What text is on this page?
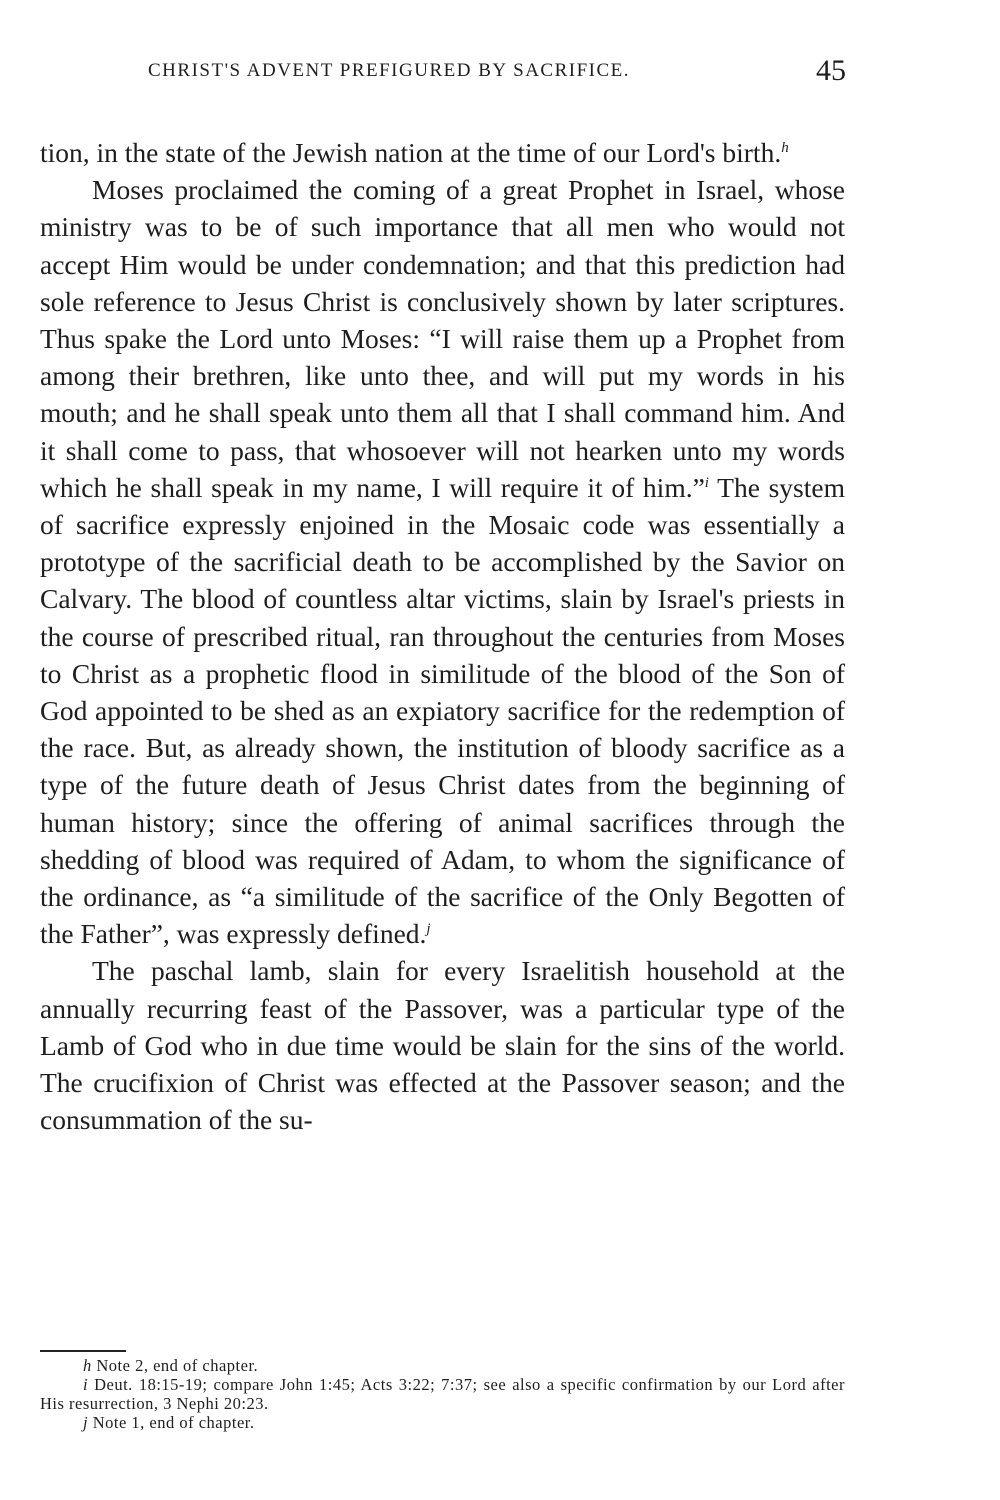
CHRIST'S ADVENT PREFIGURED BY SACRIFICE.	45

tion, in the state of the Jewish nation at the time of our Lord's birth.$^h$

Moses proclaimed the coming of a great Prophet in Israel, whose ministry was to be of such importance that all men who would not accept Him would be under condemnation; and that this prediction had sole reference to Jesus Christ is conclusively shown by later scriptures. Thus spake the Lord unto Moses: “I will raise them up a Prophet from among their brethren, like unto thee, and will put my words in his mouth; and he shall speak unto them all that I shall command him. And it shall come to pass, that whosoever will not hearken unto my words which he shall speak in my name, I will require it of him.”$^i$ The system of sacrifice expressly enjoined in the Mosaic code was essentially a prototype of the sacrificial death to be accomplished by the Savior on Calvary. The blood of countless altar victims, slain by Israel's priests in the course of prescribed ritual, ran throughout the centuries from Moses to Christ as a prophetic flood in similitude of the blood of the Son of God appointed to be shed as an expiatory sacrifice for the redemption of the race. But, as already shown, the institution of bloody sacrifice as a type of the future death of Jesus Christ dates from the beginning of human history; since the offering of animal sacrifices through the shedding of blood was required of Adam, to whom the significance of the ordinance, as “a similitude of the sacrifice of the Only Begotten of the Father”, was expressly defined.$^j$

The paschal lamb, slain for every Israelitish household at the annually recurring feast of the Passover, was a particular type of the Lamb of God who in due time would be slain for the sins of the world. The crucifixion of Christ was effected at the Passover season; and the consummation of the su-

h Note 2, end of chapter.

i Deut. 18:15-19; compare John 1:45; Acts 3:22; 7:37; see also a specific confirmation by our Lord after His resurrection, 3 Nephi 20:23.

j Note 1, end of chapter.
